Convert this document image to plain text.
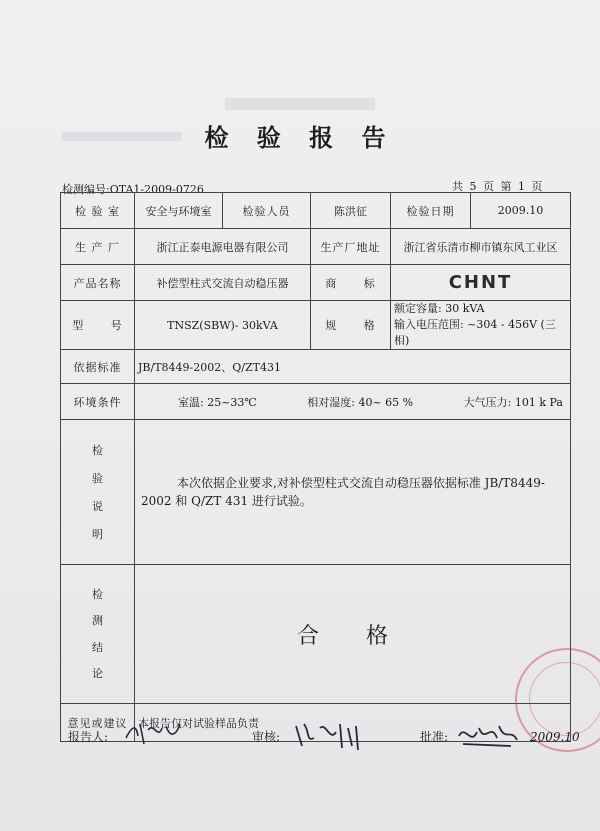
检 验 报 告
检测编号:OTA1-2009-0726	共 5 页 第 1 页
检 验 室	安全与环境室	检验人员	陈洪征	检验日期	2009.10
生 产 厂	浙江正泰电源电器有限公司		生产厂地址	浙江省乐清市柳市镇东风工业区	
产品名称	补偿型柱式交流自动稳压器		商 标	CHNT	
型 号	TNSZ(SBW)- 30kVA		规 格	额定容量: 30 kVA
输入电压范围: ~304 - 456V (三相)	

依据标准	JB/T8449-2002、Q/ZT431				
环境条件	室温: 25~33℃ 相对湿度: 40~ 65 % 大气压力: 101 k Pa				

检
验
说
明	本次依据企业要求,对补偿型柱式交流自动稳压器依据标准 JB/T8449-2002 和 Q/ZT 431 进行试验。				

检
测
结
论	合 格				
意见或建议	本报告仅对试验样品负责				
报告人:	审核:	批准:	2009.10
